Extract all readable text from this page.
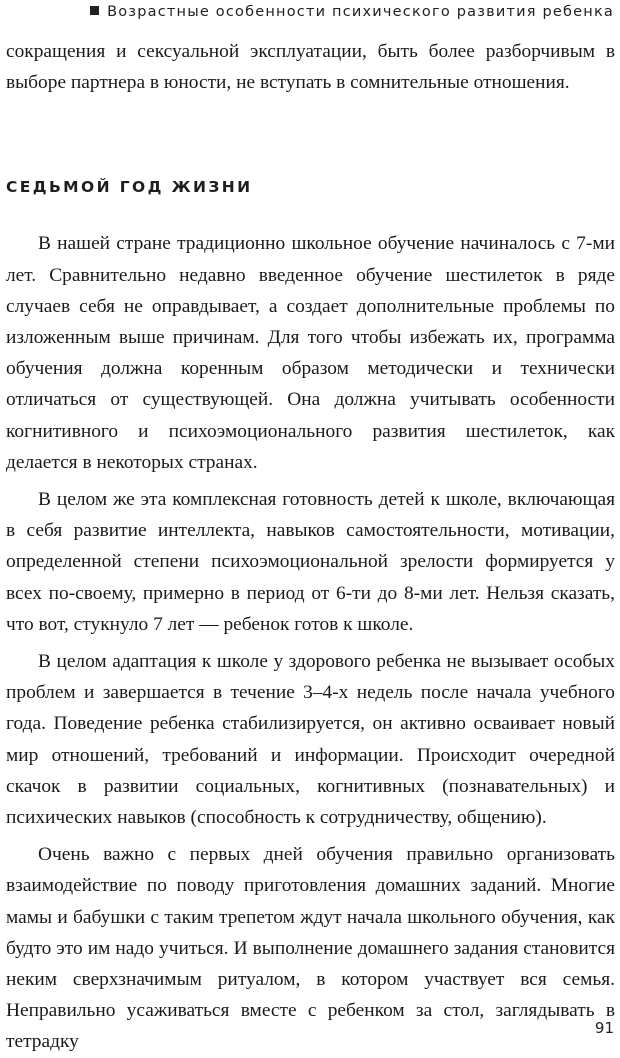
Возрастные особенности психического развития ребенка

сокращения и сексуальной эксплуатации, быть более разборчивым в выборе партнера в юности, не вступать в сомнительные отношения.

СЕДЬМОЙ ГОД ЖИЗНИ

В нашей стране традиционно школьное обучение начиналось с 7-ми лет. Сравнительно недавно введенное обучение шестилеток в ряде случаев себя не оправдывает, а создает дополнительные проблемы по изложенным выше причинам. Для того чтобы избежать их, программа обучения должна коренным образом методически и технически отличаться от существующей. Она должна учитывать особенности когнитивного и психоэмоционального развития шестилеток, как делается в некоторых странах.

В целом же эта комплексная готовность детей к школе, включающая в себя развитие интеллекта, навыков самостоятельности, мотивации, определенной степени психоэмоциональной зрелости формируется у всех по-своему, примерно в период от 6-ти до 8-ми лет. Нельзя сказать, что вот, стукнуло 7 лет — ребенок готов к школе.

В целом адаптация к школе у здорового ребенка не вызывает особых проблем и завершается в течение 3–4-х недель после начала учебного года. Поведение ребенка стабилизируется, он активно осваивает новый мир отношений, требований и информации. Происходит очередной скачок в развитии социальных, когнитивных (познавательных) и психических навыков (способность к сотрудничеству, общению).

Очень важно с первых дней обучения правильно организовать взаимодействие по поводу приготовления домашних заданий. Многие мамы и бабушки с таким трепетом ждут начала школьного обучения, как будто это им надо учиться. И выполнение домашнего задания становится неким сверхзначимым ритуалом, в котором участвует вся семья. Неправильно усаживаться вместе с ребенком за стол, заглядывать в тетрадку

91
